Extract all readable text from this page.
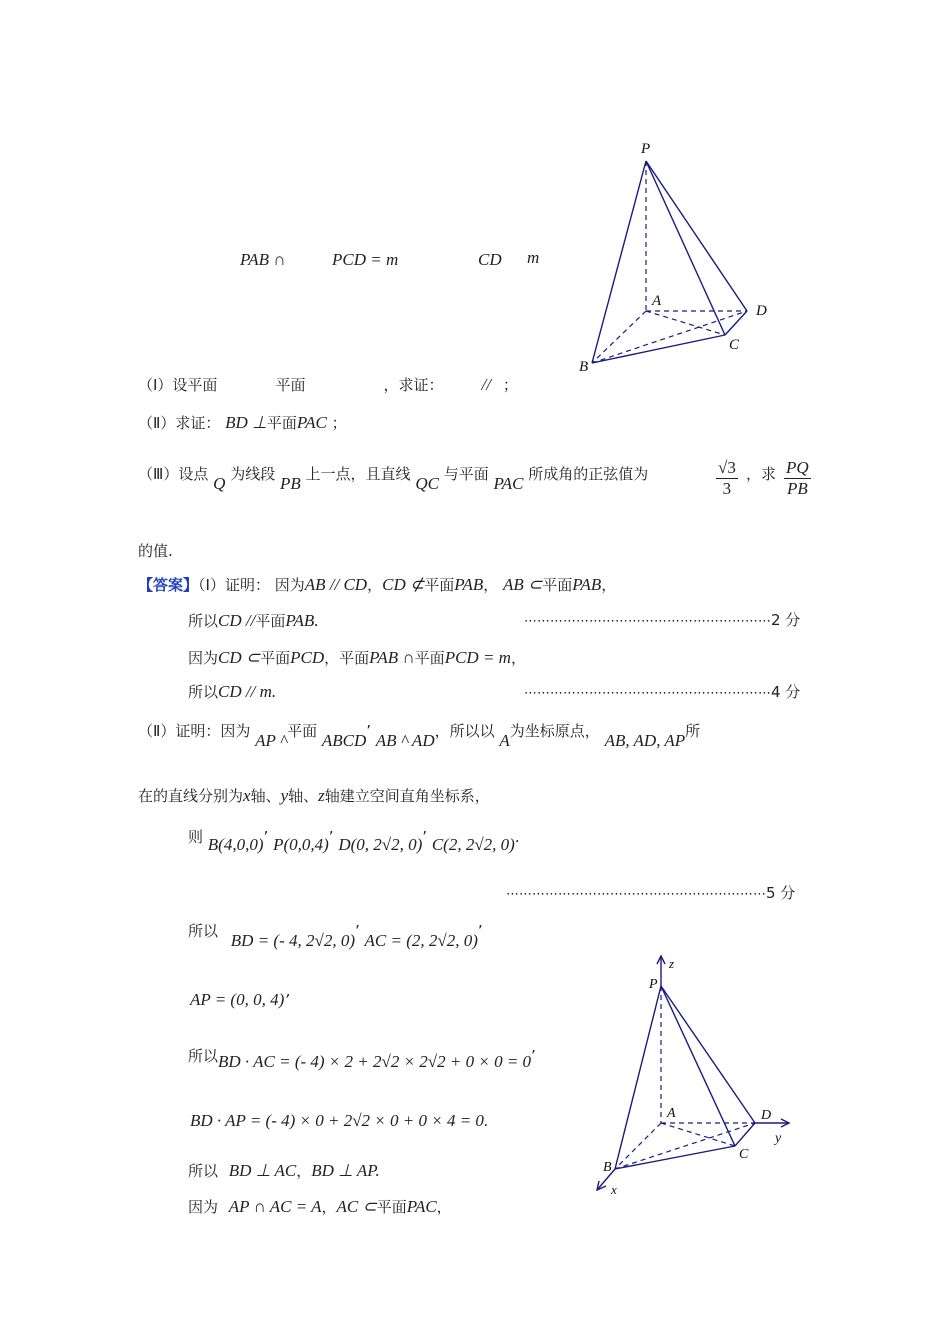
PAB ∩	PCD = m	CD m
P
A
D
C
B
（Ⅰ）设平面	平面	，求证： // ；
（Ⅱ）求证： BD ⊥平面PAC ；
（Ⅲ）设点 Q 为线段 PB 上一点，且直线 QC 与平面 PAC 所成角的正弦值为	$\frac{√3}{3}$ ，求 $\frac{PQ}{PB}$
的值.
【答案】（Ⅰ）证明： 因为AB // CD，CD ⊄平面PAB， AB ⊂平面PAB，
所以CD //平面PAB.	⋯⋯⋯⋯⋯⋯⋯⋯⋯⋯⋯⋯⋯⋯⋯⋯⋯⋯⋯2 分
因为CD ⊂平面PCD，平面PAB ∩平面PCD = m，
所以CD // m.	⋯⋯⋯⋯⋯⋯⋯⋯⋯⋯⋯⋯⋯⋯⋯⋯⋯⋯⋯4 分
（Ⅱ）证明：因为 AP ^平面 ABCD’ AB ^ AD，所以以 A为坐标原点， AB, AD, AP所
在的直线分别为x轴、y轴、z轴建立空间直角坐标系，
则 B(4,0,0)’ P(0,0,4)’ D(0, 2√2, 0)’ C(2, 2√2, 0).
⋯⋯⋯⋯⋯⋯⋯⋯⋯⋯⋯⋯⋯⋯⋯⋯⋯⋯⋯⋯5 分
所以 BD = (- 4, 2√2, 0)’ AC = (2, 2√2, 0)’
AP = (0, 0, 4)’
所以BD · AC = (- 4) × 2 + 2√2 × 2√2 + 0 × 0 = 0’
BD · AP = (- 4) × 0 + 2√2 × 0 + 0 × 4 = 0.
所以 BD ⊥ AC，BD ⊥ AP.
因为 AP ∩ AC = A，AC ⊂平面PAC，
z
P
A	D
y
C
B
x
